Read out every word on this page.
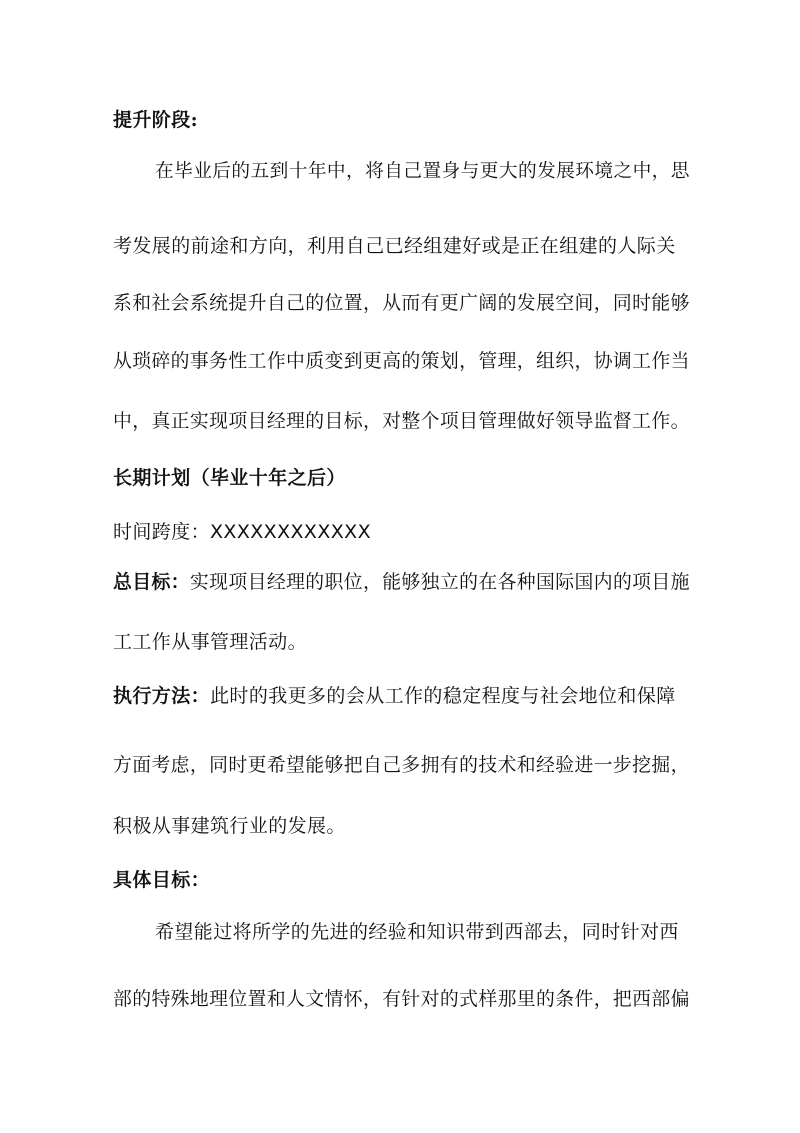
提升阶段:
在毕业后的五到十年中，将自己置身与更大的发展环境之中，思
考发展的前途和方向，利用自己已经组建好或是正在组建的人际关
系和社会系统提升自己的位置，从而有更广阔的发展空间，同时能够
从琐碎的事务性工作中质变到更高的策划，管理，组织，协调工作当
中，真正实现项目经理的目标，对整个项目管理做好领导监督工作。
长期计划（毕业十年之后）
时间跨度：XXXXXXXXXXXX
总目标：实现项目经理的职位，能够独立的在各种国际国内的项目施
工工作从事管理活动。
执行方法：此时的我更多的会从工作的稳定程度与社会地位和保障
方面考虑，同时更希望能够把自己多拥有的技术和经验进一步挖掘，
积极从事建筑行业的发展。
具体目标：
希望能过将所学的先进的经验和知识带到西部去，同时针对西
部的特殊地理位置和人文情怀，有针对的式样那里的条件，把西部偏
